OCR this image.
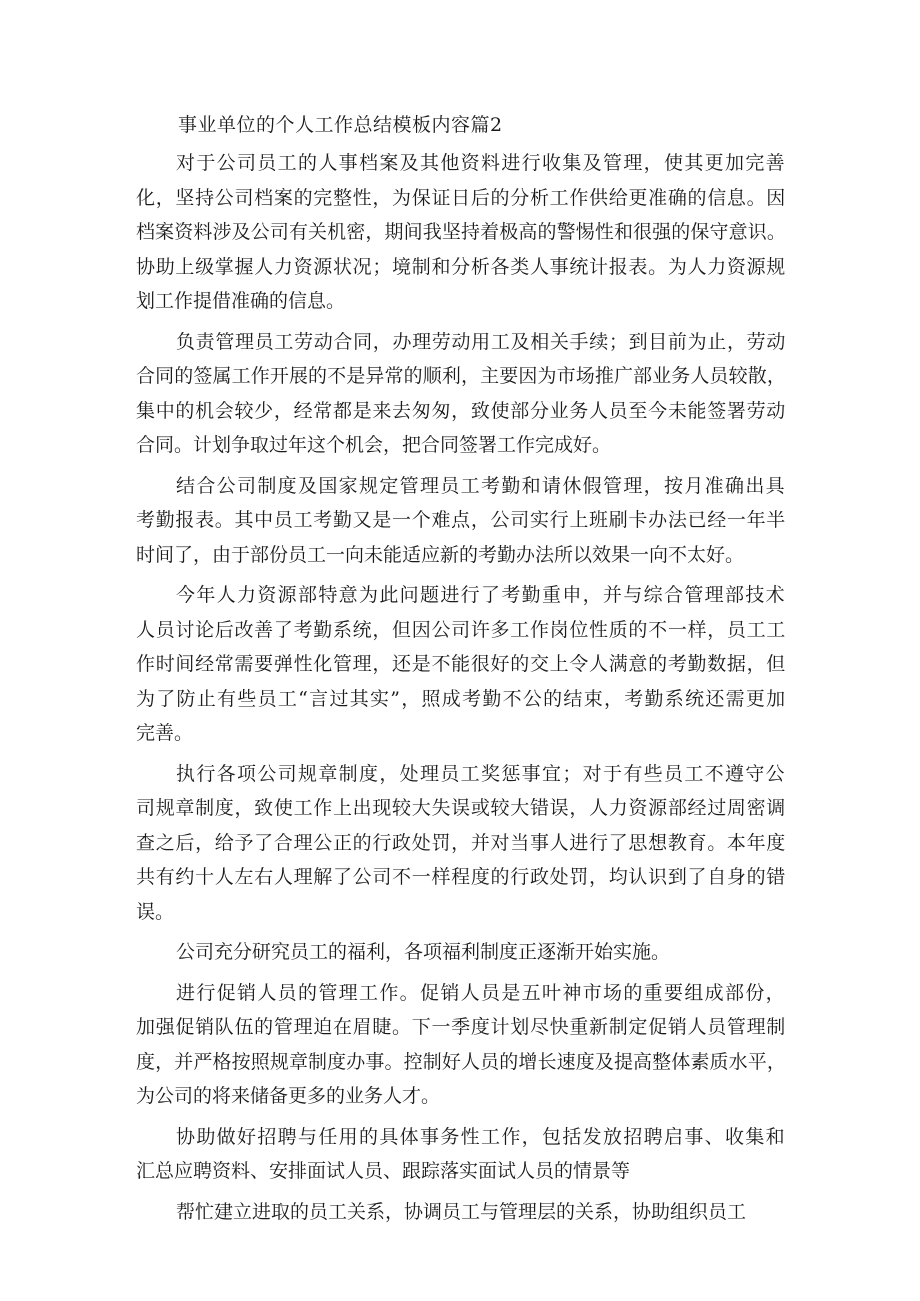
事业单位的个人工作总结模板内容篇2
对于公司员工的人事档案及其他资料进行收集及管理，使其更加完善
化，坚持公司档案的完整性，为保证日后的分析工作供给更准确的信息。因
档案资料涉及公司有关机密，期间我坚持着极高的警惕性和很强的保守意识。
协助上级掌握人力资源状况；境制和分析各类人事统计报表。为人力资源规
划工作提借准确的信息。
负责管理员工劳动合同，办理劳动用工及相关手续；到目前为止，劳动
合同的签属工作开展的不是异常的顺利，主要因为市场推广部业务人员较散，
集中的机会较少，经常都是来去匆匆，致使部分业务人员至今未能签署劳动
合同。计划争取过年这个机会，把合同签署工作完成好。
结合公司制度及国家规定管理员工考勤和请休假管理，按月准确出具
考勤报表。其中员工考勤又是一个难点，公司实行上班刷卡办法已经一年半
时间了，由于部份员工一向未能适应新的考勤办法所以效果一向不太好。
今年人力资源部特意为此问题进行了考勤重申，并与综合管理部技术
人员讨论后改善了考勤系统，但因公司许多工作岗位性质的不一样，员工工
作时间经常需要弹性化管理，还是不能很好的交上令人满意的考勤数据，但
为了防止有些员工“言过其实”，照成考勤不公的结束，考勤系统还需更加
完善。
执行各项公司规章制度，处理员工奖惩事宜；对于有些员工不遵守公
司规章制度，致使工作上出现较大失误或较大错误，人力资源部经过周密调
查之后，给予了合理公正的行政处罚，并对当事人进行了思想教育。本年度
共有约十人左右人理解了公司不一样程度的行政处罚，均认识到了自身的错
误。
公司充分研究员工的福利，各项福利制度正逐渐开始实施。
进行促销人员的管理工作。促销人员是五叶神市场的重要组成部份，
加强促销队伍的管理迫在眉睫。下一季度计划尽快重新制定促销人员管理制
度，并严格按照规章制度办事。控制好人员的增长速度及提高整体素质水平，
为公司的将来储备更多的业务人才。
协助做好招聘与任用的具体事务性工作，包括发放招聘启事、收集和
汇总应聘资料、安排面试人员、跟踪落实面试人员的情景等
帮忙建立进取的员工关系，协调员工与管理层的关系，协助组织员工
